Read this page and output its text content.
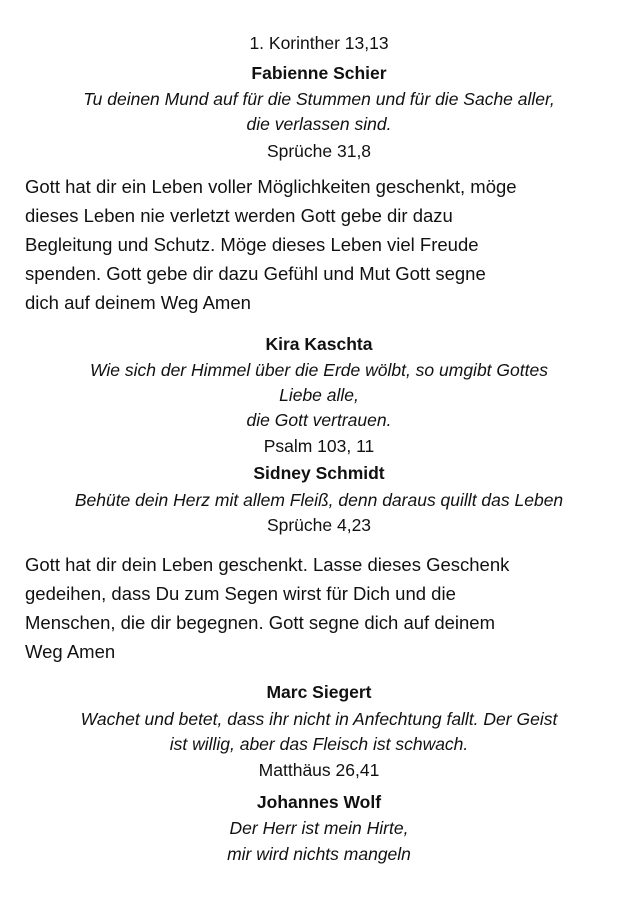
1. Korinther 13,13
Fabienne Schier
Tu deinen Mund auf für die Stummen und für die Sache aller,
die verlassen sind.
Sprüche 31,8
Gott hat dir ein Leben voller Möglichkeiten geschenkt, möge
dieses Leben nie verletzt werden Gott gebe dir dazu
Begleitung und Schutz. Möge dieses Leben viel Freude
spenden. Gott gebe dir dazu Gefühl und Mut Gott segne
dich auf deinem Weg Amen
Kira Kaschta
Wie sich der Himmel über die Erde wölbt, so umgibt Gottes
Liebe alle,
die Gott vertrauen.
Psalm 103, 11
Sidney Schmidt
Behüte dein Herz mit allem Fleiß, denn daraus quillt das Leben
Sprüche 4,23
Gott hat dir dein Leben geschenkt. Lasse dieses Geschenk
gedeihen, dass Du zum Segen wirst für Dich und die
Menschen, die dir begegnen. Gott segne dich auf deinem
Weg Amen
Marc Siegert
Wachet und betet, dass ihr nicht in Anfechtung fallt. Der Geist
ist willig, aber das Fleisch ist schwach.
Matthäus 26,41
Johannes Wolf
Der Herr ist mein Hirte,
mir wird nichts mangeln
